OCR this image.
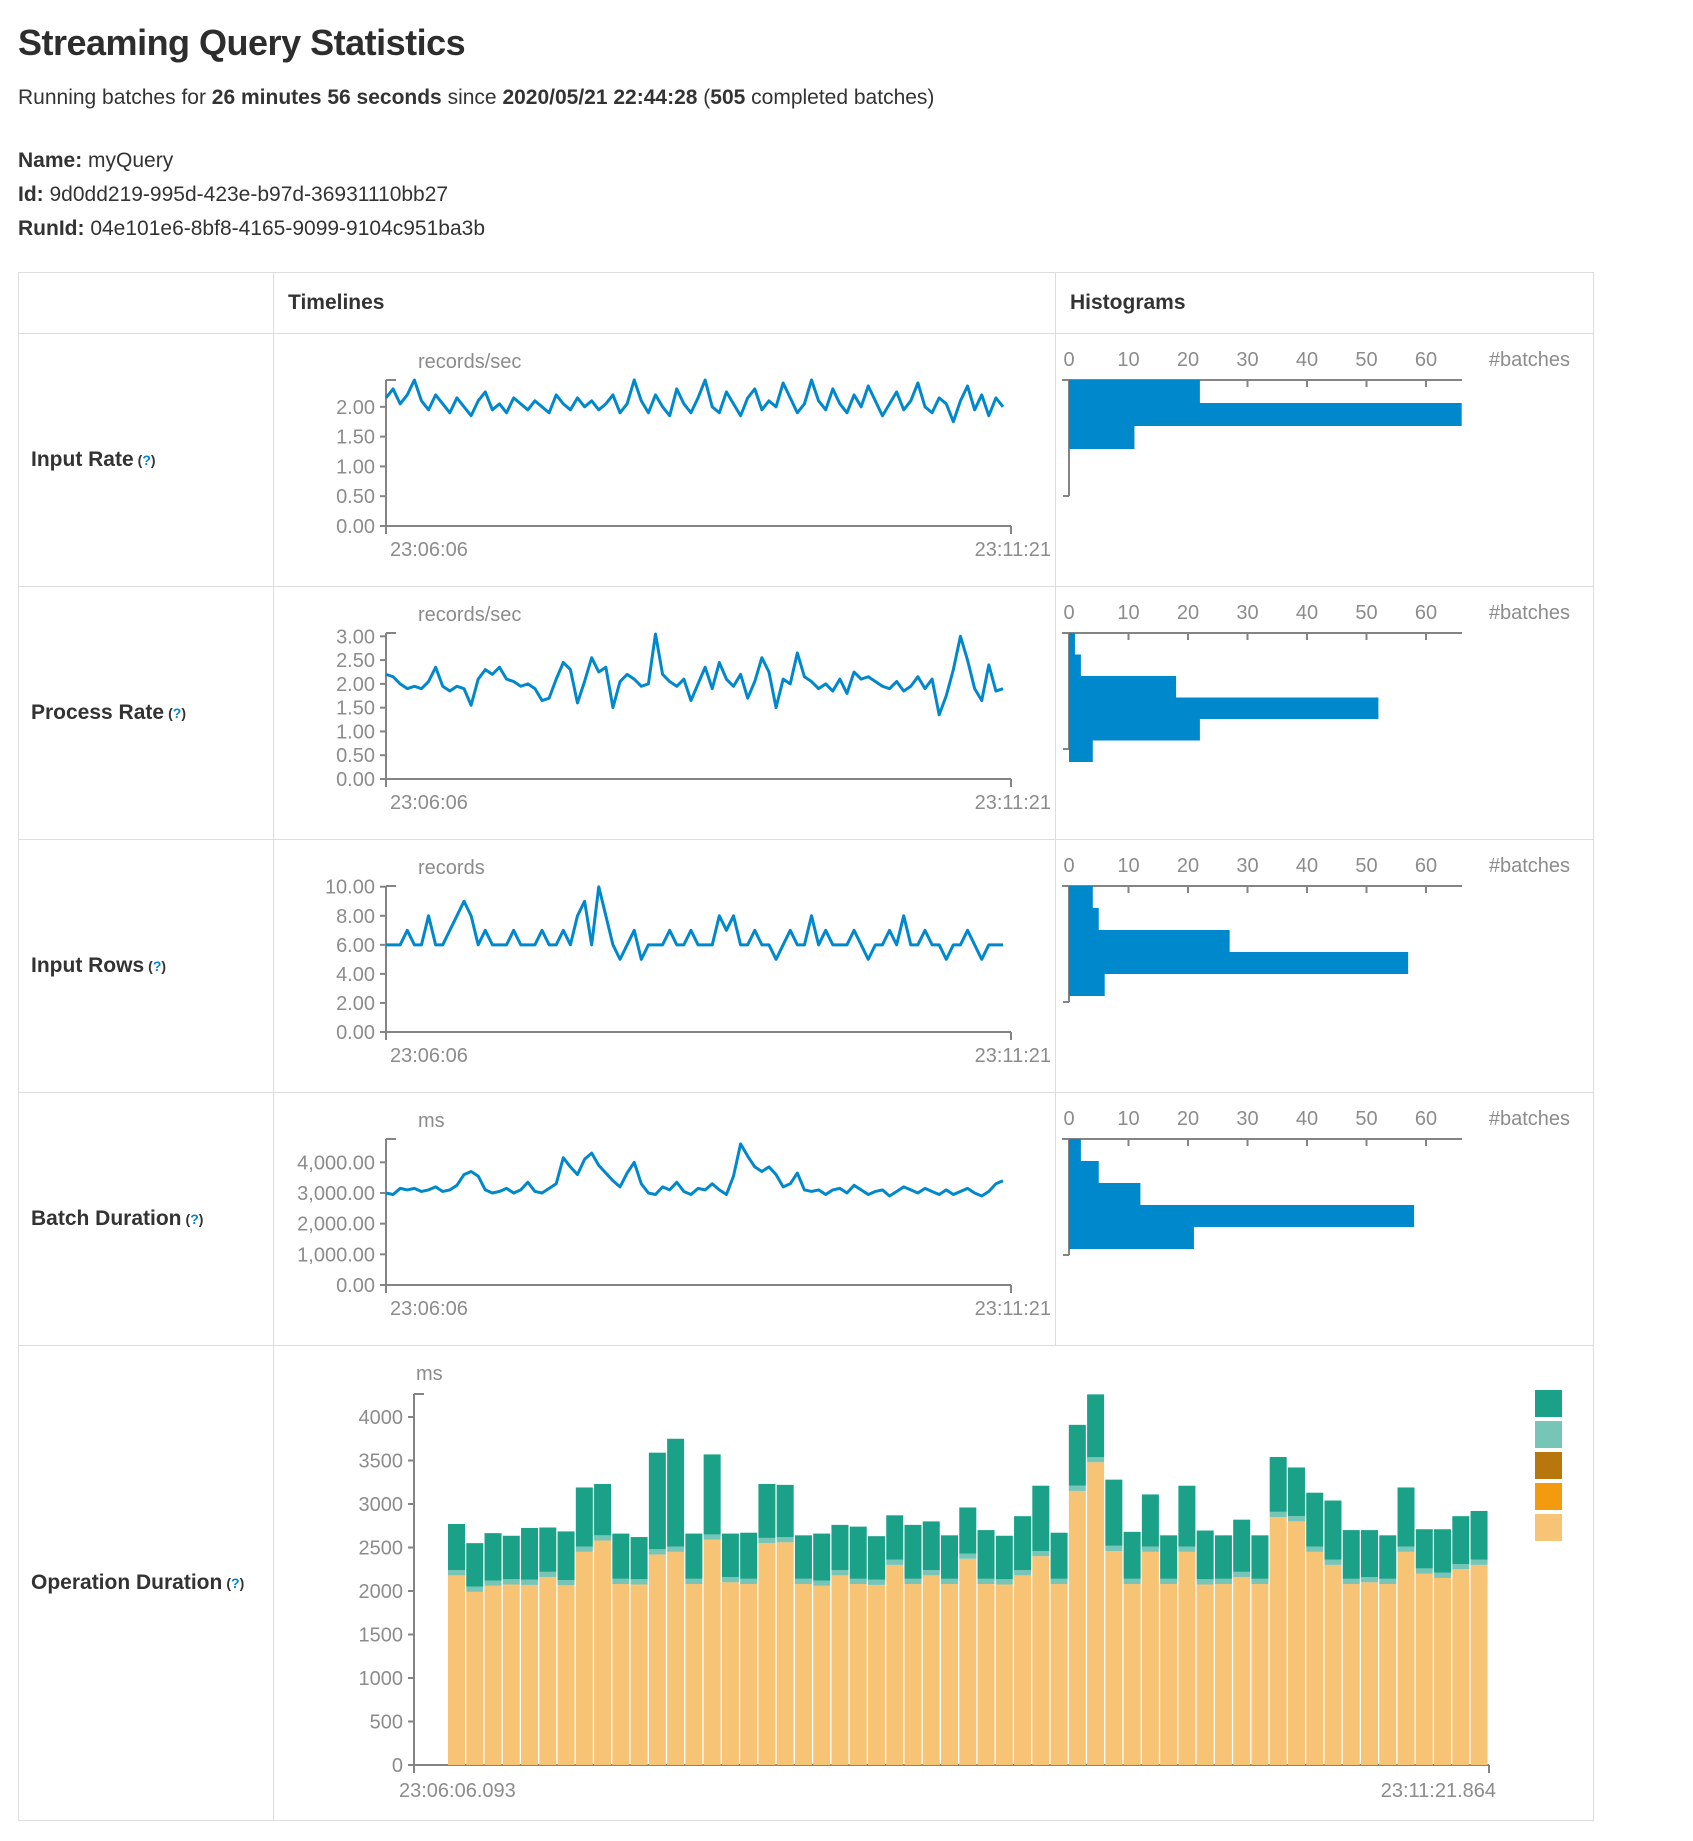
Streaming Query Statistics

Running batches for 26 minutes 56 seconds since 2020/05/21 22:44:28 (505 completed batches)

Name: myQuery
Id: 9d0dd219-995d-423e-b97d-36931110bb27
RunId: 04e101e6-8bf8-4165-9099-9104c951ba3b
Timelines	Histograms
Input Rate (?)
records/sec
0.00
0.50
1.00
1.50
2.00
23:06:06	23:11:21
0 10 20 30 40 50 60	#batches
Process Rate (?)
records/sec
0.00
0.50
1.00
1.50
2.00
2.50
3.00
23:06:06	23:11:21
0 10 20 30 40 50 60	#batches
Input Rows (?)
records
0.00
2.00
4.00
6.00
8.00
10.00
23:06:06	23:11:21
0 10 20 30 40 50 60	#batches
Batch Duration (?)
ms
0.00
1,000.00
2,000.00
3,000.00
4,000.00
23:06:06	23:11:21
0 10 20 30 40 50 60	#batches
Operation Duration (?)
ms
0
500
1000
1500
2000
2500
3000
3500
4000
23:06:06.093	23:11:21.864
